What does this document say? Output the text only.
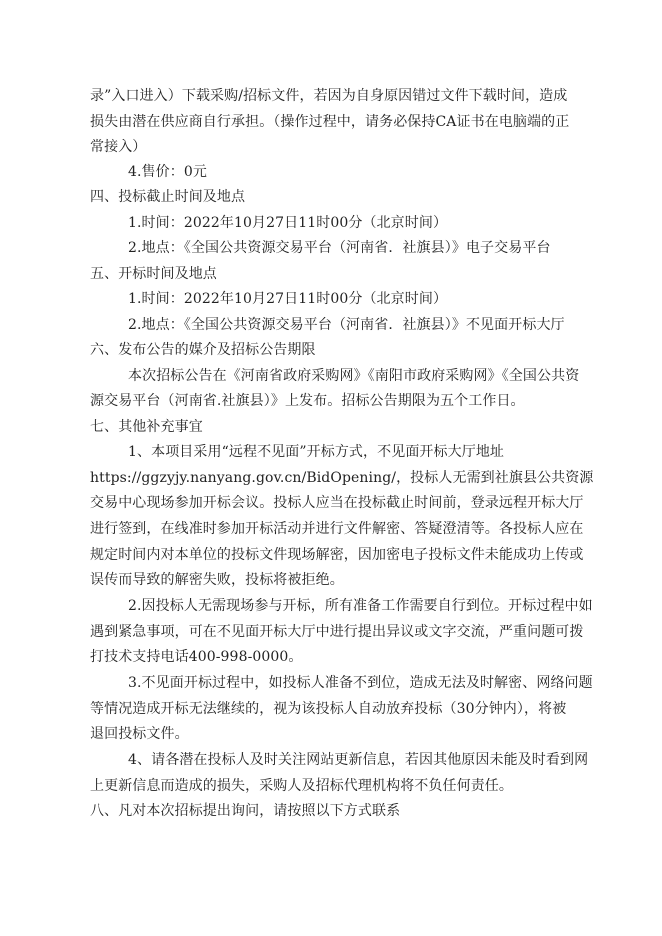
录”入口进入）下载采购/招标文件，若因为自身原因错过文件下载时间，造成
损失由潜在供应商自行承担。（操作过程中，请务必保持CA证书在电脑端的正
常接入）
4.售价：0元
四、投标截止时间及地点
1.时间：2022年10月27日11时00分（北京时间）
2.地点：《全国公共资源交易平台（河南省．社旗县）》电子交易平台
五、开标时间及地点
1.时间：2022年10月27日11时00分（北京时间）
2.地点：《全国公共资源交易平台（河南省．社旗县）》不见面开标大厅
六、发布公告的媒介及招标公告期限
本次招标公告在《河南省政府采购网》《南阳市政府采购网》《全国公共资
源交易平台（河南省.社旗县）》上发布。招标公告期限为五个工作日。
七、其他补充事宜
1、本项目采用“远程不见面”开标方式，不见面开标大厅地址
https://ggzyjy.nanyang.gov.cn/BidOpening/，投标人无需到社旗县公共资源
交易中心现场参加开标会议。投标人应当在投标截止时间前，登录远程开标大厅
进行签到，在线准时参加开标活动并进行文件解密、答疑澄清等。各投标人应在
规定时间内对本单位的投标文件现场解密，因加密电子投标文件未能成功上传或
误传而导致的解密失败，投标将被拒绝。
2.因投标人无需现场参与开标，所有准备工作需要自行到位。开标过程中如
遇到紧急事项，可在不见面开标大厅中进行提出异议或文字交流，严重问题可拨
打技术支持电话400-998-0000。
3.不见面开标过程中，如投标人准备不到位，造成无法及时解密、网络问题
等情况造成开标无法继续的，视为该投标人自动放弃投标（30分钟内），将被
退回投标文件。
4、请各潜在投标人及时关注网站更新信息，若因其他原因未能及时看到网
上更新信息而造成的损失，采购人及招标代理机构将不负任何责任。
八、凡对本次招标提出询问，请按照以下方式联系
